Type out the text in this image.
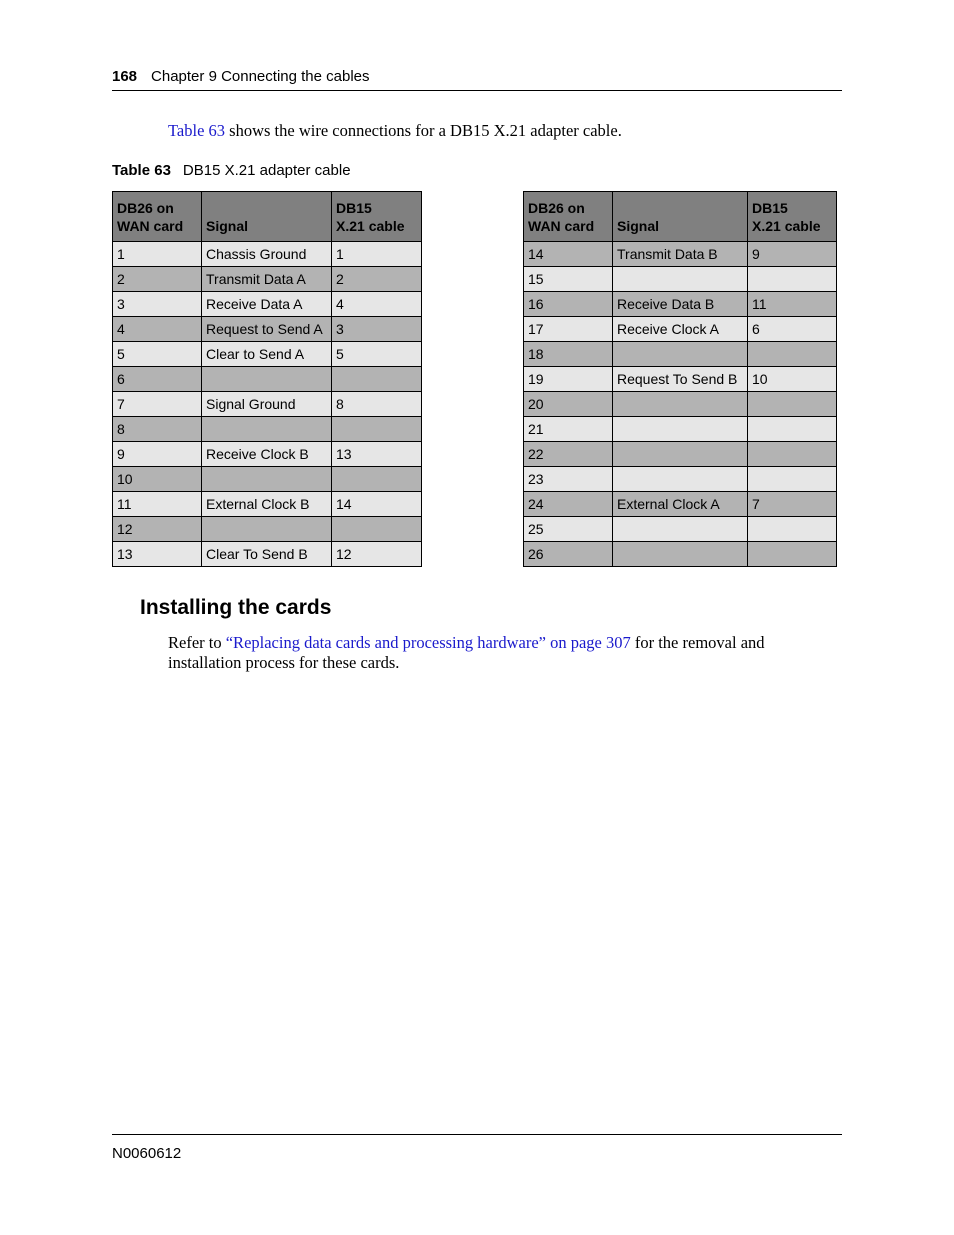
168 Chapter 9 Connecting the cables

Table 63 shows the wire connections for a DB15 X.21 adapter cable.

Table 63 DB15 X.21 adapter cable
DB26 on
WAN card	Signal	DB15
X.21 cable
1	Chassis Ground	1
2	Transmit Data A	2
3	Receive Data A	4
4	Request to Send A	3
5	Clear to Send A	5
6		
7	Signal Ground	8
8		
9	Receive Clock B	13
10		
11	External Clock B	14
12		
13	Clear To Send B	12
DB26 on
WAN card	Signal	DB15
X.21 cable
14	Transmit Data B	9
15		
16	Receive Data B	11
17	Receive Clock A	6
18		
19	Request To Send B	10
20		
21		
22		
23		
24	External Clock A	7
25		
26		
Installing the cards

Refer to “Replacing data cards and processing hardware” on page 307 for the removal and installation process for these cards.

N0060612
